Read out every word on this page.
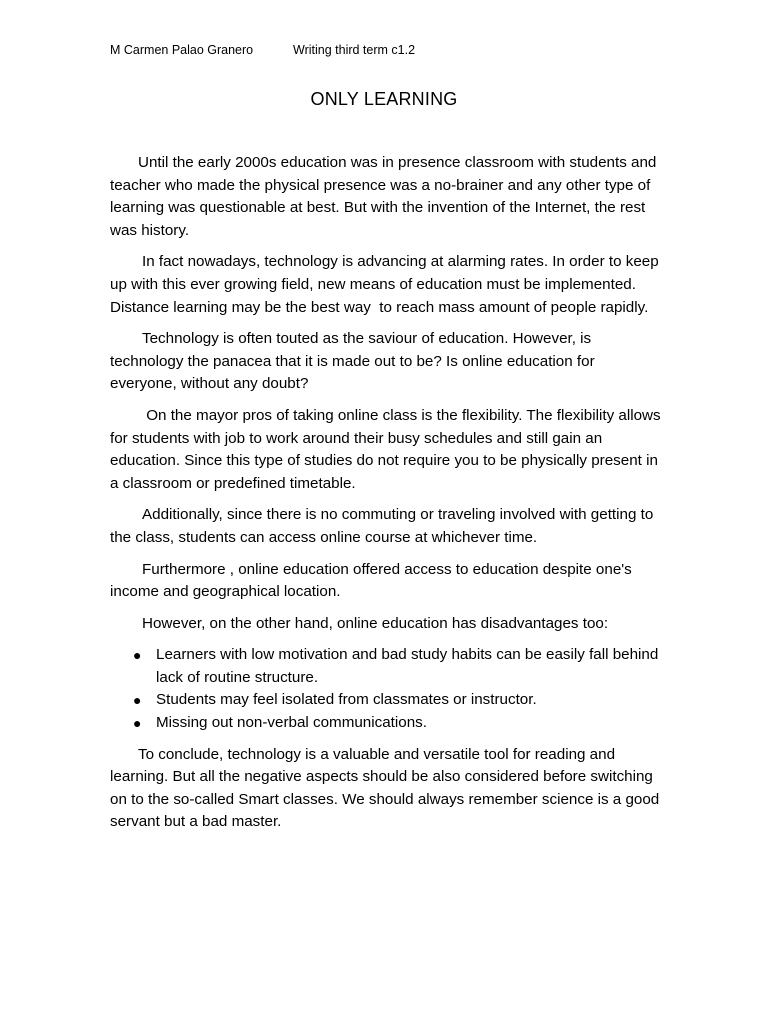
M Carmen Palao Granero	Writing third term c1.2
ONLY LEARNING

Until the early 2000s education was in presence classroom with students and teacher who made the physical presence was a no-brainer and any other type of learning was questionable at best. But with the invention of the Internet, the rest was history.

In fact nowadays, technology is advancing at alarming rates. In order to keep up with this ever growing field, new means of education must be implemented. Distance learning may be the best way  to reach mass amount of people rapidly.

Technology is often touted as the saviour of education. However, is technology the panacea that it is made out to be? Is online education for everyone, without any doubt?

On the mayor pros of taking online class is the flexibility. The flexibility allows for students with job to work around their busy schedules and still gain an education. Since this type of studies do not require you to be physically present in a classroom or predefined timetable.

Additionally, since there is no commuting or traveling involved with getting to the class, students can access online course at whichever time.

Furthermore , online education offered access to education despite one's income and geographical location.

However, on the other hand, online education has disadvantages too:

● Learners with low motivation and bad study habits can be easily fall behind lack of routine structure.
● Students may feel isolated from classmates or instructor.
● Missing out non-verbal communications.

To conclude, technology is a valuable and versatile tool for reading and learning. But all the negative aspects should be also considered before switching on to the so-called Smart classes. We should always remember science is a good servant but a bad master.
